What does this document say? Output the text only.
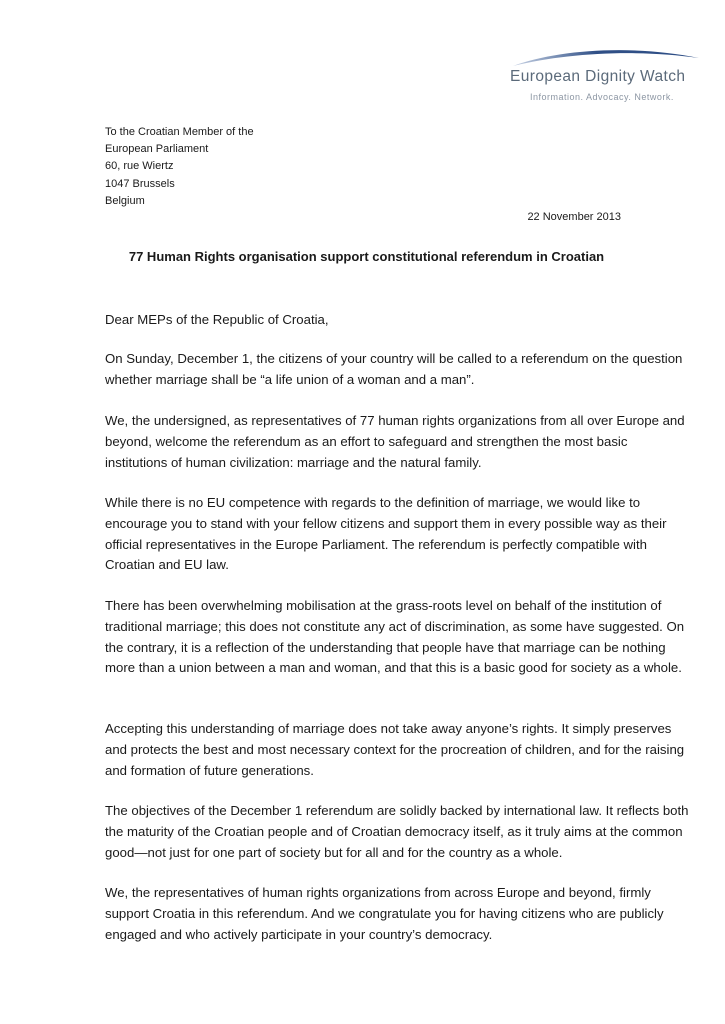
European Dignity Watch
Information. Advocacy. Network.
To the Croatian Member of the
European Parliament
60, rue Wiertz
1047 Brussels
Belgium
22 November 2013
77 Human Rights organisation support constitutional referendum in Croatian

Dear MEPs of the Republic of Croatia,

On Sunday, December 1, the citizens of your country will be called to a referendum on the question whether marriage shall be “a life union of a woman and a man”.

We, the undersigned, as representatives of 77 human rights organizations from all over Europe and beyond, welcome the referendum as an effort to safeguard and strengthen the most basic institutions of human civilization: marriage and the natural family.

While there is no EU competence with regards to the definition of marriage, we would like to encourage you to stand with your fellow citizens and support them in every possible way as their official representatives in the Europe Parliament. The referendum is perfectly compatible with Croatian and EU law.

There has been overwhelming mobilisation at the grass-roots level on behalf of the institution of traditional marriage; this does not constitute any act of discrimination, as some have suggested. On the contrary, it is a reflection of the understanding that people have that marriage can be nothing more than a union between a man and woman, and that this is a basic good for society as a whole.

Accepting this understanding of marriage does not take away anyone’s rights. It simply preserves and protects the best and most necessary context for the procreation of children, and for the raising and formation of future generations.

The objectives of the December 1 referendum are solidly backed by international law. It reflects both the maturity of the Croatian people and of Croatian democracy itself, as it truly aims at the common good—not just for one part of society but for all and for the country as a whole.

We, the representatives of human rights organizations from across Europe and beyond, firmly support Croatia in this referendum. And we congratulate you for having citizens who are publicly engaged and who actively participate in your country’s democracy.
